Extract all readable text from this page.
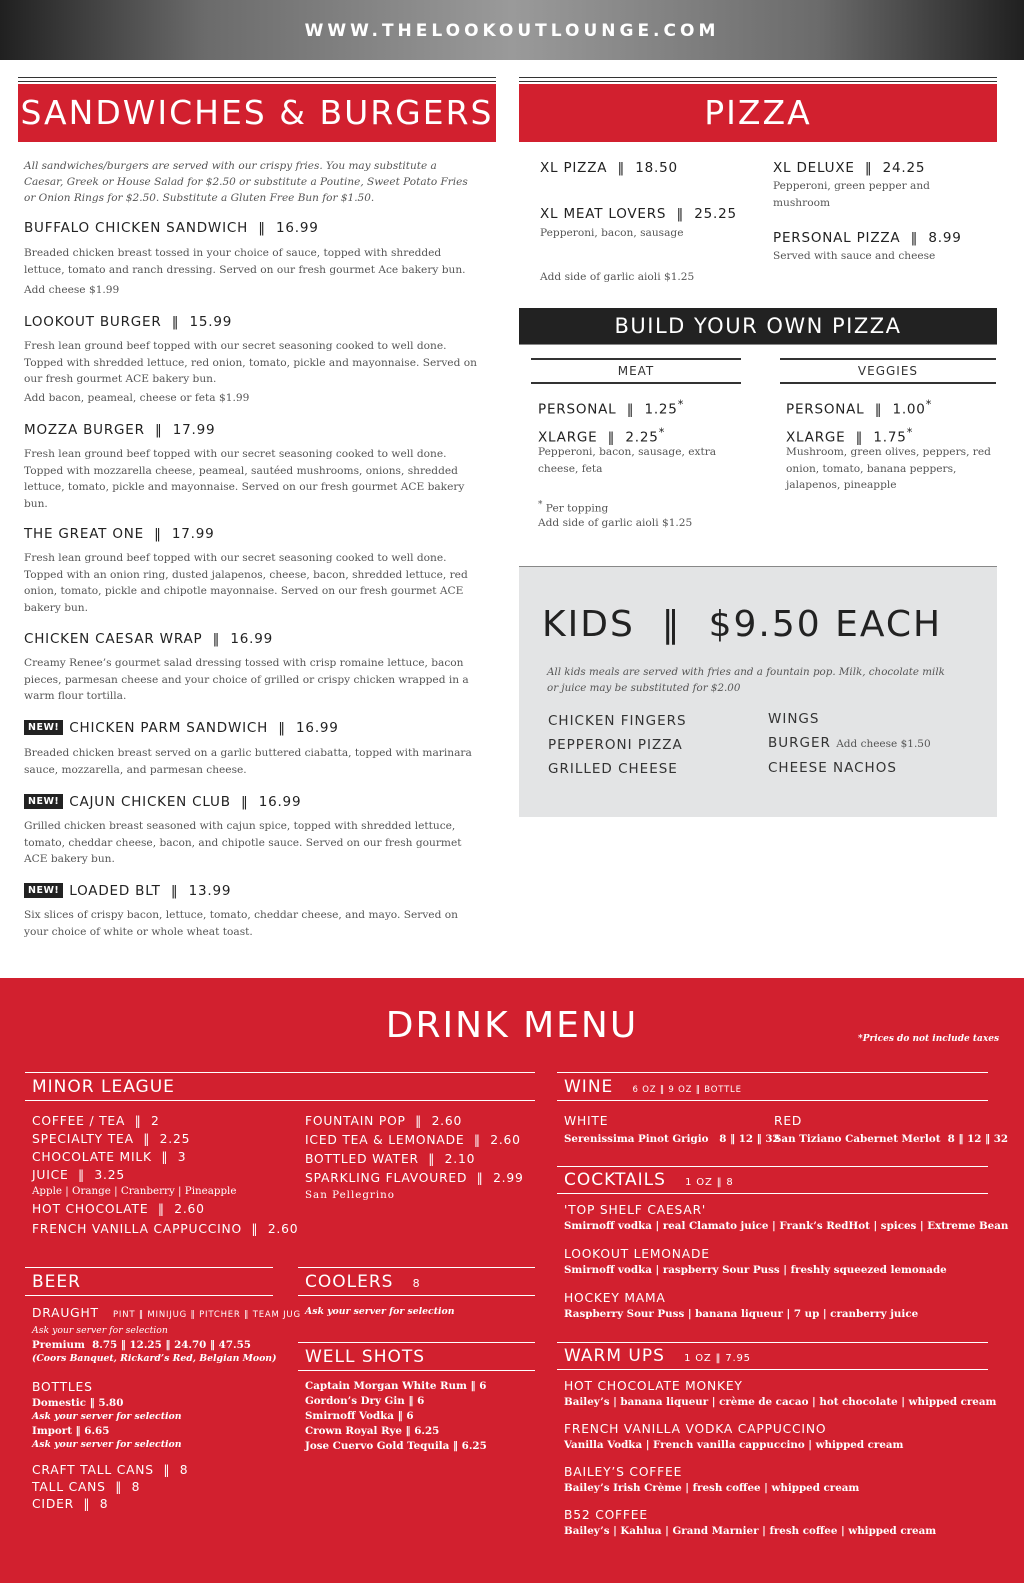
WWW.THELOOKOUTLOUNGE.COM
SANDWICHES & BURGERS
All sandwiches/burgers are served with our crispy fries. You may substitute a Caesar, Greek or House Salad for $2.50 or substitute a Poutine, Sweet Potato Fries or Onion Rings for $2.50. Substitute a Gluten Free Bun for $1.50.
BUFFALO CHICKEN SANDWICH  ‖  16.99
Breaded chicken breast tossed in your choice of sauce, topped with shredded lettuce, tomato and ranch dressing. Served on our fresh gourmet Ace bakery bun.
Add cheese $1.99
LOOKOUT BURGER  ‖  15.99
Fresh lean ground beef topped with our secret seasoning cooked to well done. Topped with shredded lettuce, red onion, tomato, pickle and mayonnaise. Served on our fresh gourmet ACE bakery bun.
Add bacon, peameal, cheese or feta $1.99
MOZZA BURGER  ‖  17.99
Fresh lean ground beef topped with our secret seasoning cooked to well done. Topped with mozzarella cheese, peameal, sautéed mushrooms, onions, shredded lettuce, tomato, pickle and mayonnaise. Served on our fresh gourmet ACE bakery bun.
THE GREAT ONE  ‖  17.99
Fresh lean ground beef topped with our secret seasoning cooked to well done. Topped with an onion ring, dusted jalapenos, cheese, bacon, shredded lettuce, red onion, tomato, pickle and chipotle mayonnaise. Served on our fresh gourmet ACE bakery bun.
CHICKEN CAESAR WRAP  ‖  16.99
Creamy Renee’s gourmet salad dressing tossed with crisp romaine lettuce, bacon pieces, parmesan cheese and your choice of grilled or crispy chicken wrapped in a warm flour tortilla.
NEW! CHICKEN PARM SANDWICH  ‖  16.99
Breaded chicken breast served on a garlic buttered ciabatta, topped with marinara sauce, mozzarella, and parmesan cheese.
NEW! CAJUN CHICKEN CLUB  ‖  16.99
Grilled chicken breast seasoned with cajun spice, topped with shredded lettuce, tomato, cheddar cheese, bacon, and chipotle sauce. Served on our fresh gourmet ACE bakery bun.
NEW! LOADED BLT  ‖  13.99
Six slices of crispy bacon, lettuce, tomato, cheddar cheese, and mayo. Served on your choice of white or whole wheat toast.
PIZZA
XL PIZZA  ‖  18.50
XL MEAT LOVERS  ‖  25.25
Pepperoni, bacon, sausage
XL DELUXE  ‖  24.25
Pepperoni, green pepper and mushroom
PERSONAL PIZZA  ‖  8.99
Served with sauce and cheese
Add side of garlic aioli $1.25
BUILD YOUR OWN PIZZA
MEAT	VEGGIES
PERSONAL  ‖  1.25*
XLARGE  ‖  2.25*
Pepperoni, bacon, sausage, extra cheese, feta
PERSONAL  ‖  1.00*
XLARGE  ‖  1.75*
Mushroom, green olives, peppers, red onion, tomato, banana peppers, jalapenos, pineapple
* Per topping
Add side of garlic aioli $1.25
KIDS  ‖  $9.50 EACH
All kids meals are served with fries and a fountain pop. Milk, chocolate milk or juice may be substituted for $2.00
CHICKEN FINGERS
PEPPERONI PIZZA
GRILLED CHEESE
WINGS
BURGER Add cheese $1.50
CHEESE NACHOS
DRINK MENU	*Prices do not include taxes
MINOR LEAGUE
COFFEE / TEA  ‖  2
SPECIALTY TEA  ‖  2.25
CHOCOLATE MILK  ‖  3
JUICE  ‖  3.25
Apple | Orange | Cranberry | Pineapple
HOT CHOCOLATE  ‖  2.60
FRENCH VANILLA CAPPUCCINO  ‖  2.60
FOUNTAIN POP  ‖  2.60
ICED TEA & LEMONADE  ‖  2.60
BOTTLED WATER  ‖  2.10
SPARKLING FLAVOURED  ‖  2.99
San Pellegrino
BEER
DRAUGHT PINT ‖ MINIJUG ‖ PITCHER ‖ TEAM JUG
Ask your server for selection
Premium 8.75 ‖ 12.25 ‖ 24.70 ‖ 47.55
(Coors Banquet, Rickard’s Red, Belgian Moon)
BOTTLES
Domestic ‖ 5.80
Ask your server for selection
Import ‖ 6.65
Ask your server for selection
CRAFT TALL CANS  ‖  8
TALL CANS  ‖  8
CIDER  ‖  8
COOLERS 8
Ask your server for selection
WELL SHOTS
Captain Morgan White Rum ‖ 6
Gordon’s Dry Gin ‖ 6
Smirnoff Vodka ‖ 6
Crown Royal Rye ‖ 6.25
Jose Cuervo Gold Tequila ‖ 6.25
WINE 6 OZ ‖ 9 OZ ‖ BOTTLE
WHITE
Serenissima Pinot Grigio 8 ‖ 12 ‖ 32
RED
San Tiziano Cabernet Merlot 8 ‖ 12 ‖ 32
COCKTAILS 1 OZ ‖ 8
'TOP SHELF CAESAR'
Smirnoff vodka | real Clamato juice | Frank’s RedHot | spices | Extreme Bean
LOOKOUT LEMONADE
Smirnoff vodka | raspberry Sour Puss | freshly squeezed lemonade
HOCKEY MAMA
Raspberry Sour Puss | banana liqueur | 7 up | cranberry juice
WARM UPS 1 OZ ‖ 7.95
HOT CHOCOLATE MONKEY
Bailey’s | banana liqueur | crème de cacao | hot chocolate | whipped cream
FRENCH VANILLA VODKA CAPPUCCINO
Vanilla Vodka | French vanilla cappuccino | whipped cream
BAILEY’S COFFEE
Bailey’s Irish Crème | fresh coffee | whipped cream
B52 COFFEE
Bailey’s | Kahlua | Grand Marnier | fresh coffee | whipped cream
